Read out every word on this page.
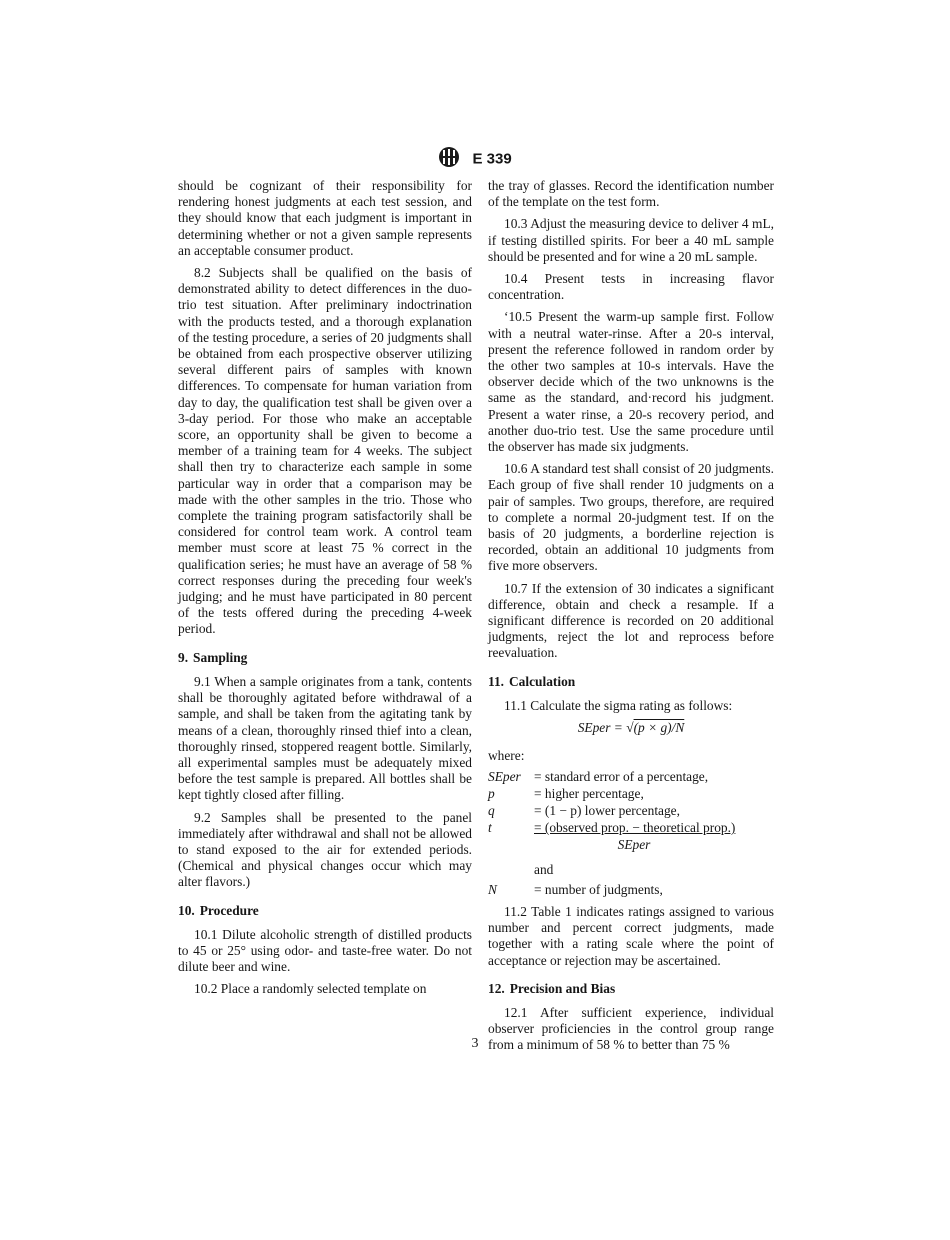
E 339

should be cognizant of their responsibility for rendering honest judgments at each test session, and they should know that each judgment is important in determining whether or not a given sample represents an acceptable consumer product.

8.2 Subjects shall be qualified on the basis of demonstrated ability to detect differences in the duo-trio test situation. After preliminary indoctrination with the products tested, and a thorough explanation of the testing procedure, a series of 20 judgments shall be obtained from each prospective observer utilizing several different pairs of samples with known differences. To compensate for human variation from day to day, the qualification test shall be given over a 3-day period. For those who make an acceptable score, an opportunity shall be given to become a member of a training team for 4 weeks. The subject shall then try to characterize each sample in some particular way in order that a comparison may be made with the other samples in the trio. Those who complete the training program satisfactorily shall be considered for control team work. A control team member must score at least 75 % correct in the qualification series; he must have an average of 58 % correct responses during the preceding four week's judging; and he must have participated in 80 percent of the tests offered during the preceding 4-week period.

9. Sampling

9.1 When a sample originates from a tank, contents shall be thoroughly agitated before withdrawal of a sample, and shall be taken from the agitating tank by means of a clean, thoroughly rinsed thief into a clean, thoroughly rinsed, stoppered reagent bottle. Similarly, all experimental samples must be adequately mixed before the test sample is prepared. All bottles shall be kept tightly closed after filling.

9.2 Samples shall be presented to the panel immediately after withdrawal and shall not be allowed to stand exposed to the air for extended periods. (Chemical and physical changes occur which may alter flavors.)

10. Procedure

10.1 Dilute alcoholic strength of distilled products to 45 or 25° using odor- and taste-free water. Do not dilute beer and wine.

10.2 Place a randomly selected template on

the tray of glasses. Record the identification number of the template on the test form.

10.3 Adjust the measuring device to deliver 4 mL, if testing distilled spirits. For beer a 40 mL sample should be presented and for wine a 20 mL sample.

10.4 Present tests in increasing flavor concentration.

‘10.5 Present the warm-up sample first. Follow with a neutral water-rinse. After a 20-s interval, present the reference followed in random order by the other two samples at 10-s intervals. Have the observer decide which of the two unknowns is the same as the standard, and·record his judgment. Present a water rinse, a 20-s recovery period, and another duo-trio test. Use the same procedure until the observer has made six judgments.

10.6 A standard test shall consist of 20 judgments. Each group of five shall render 10 judgments on a pair of samples. Two groups, therefore, are required to complete a normal 20-judgment test. If on the basis of 20 judgments, a borderline rejection is recorded, obtain an additional 10 judgments from five more observers.

10.7 If the extension of 30 indicates a significant difference, obtain and check a resample. If a significant difference is recorded on 20 additional judgments, reject the lot and reprocess before reevaluation.

11. Calculation

11.1 Calculate the sigma rating as follows:

SEper = √(p × g)/N
where:
SEper = standard error of a percentage,
p	= higher percentage,
q	= (1 − p) lower percentage,
t	= (observed prop. − theoretical prop.)
SEper
and
N	= number of judgments,

11.2 Table 1 indicates ratings assigned to various number and percent correct judgments, made together with a rating scale where the point of acceptance or rejection may be ascertained.

12. Precision and Bias

12.1 After sufficient experience, individual observer proficiencies in the control group range from a minimum of 58 % to better than 75 %

3
